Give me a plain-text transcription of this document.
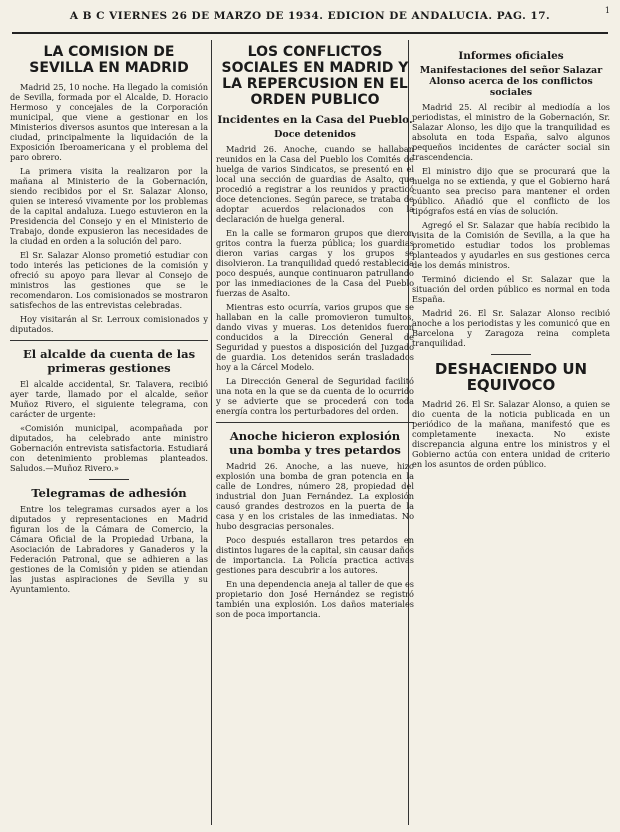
A B C VIERNES 26 DE MARZO DE 1934. EDICION DE ANDALUCIA. PAG. 17.	1
LA COMISION DE SEVILLA EN MADRID

Madrid 25, 10 noche. Ha llegado la comisión de Sevilla, formada por el Alcalde, D. Horacio Hermoso y concejales de la Corporación municipal, que viene a gestionar en los Ministerios diversos asuntos que interesan a la ciudad, principalmente la liquidación de la Exposición Iberoamericana y el problema del paro obrero.

La primera visita la realizaron por la mañana al Ministerio de la Gobernación, siendo recibidos por el Sr. Salazar Alonso, quien se interesó vivamente por los problemas de la capital andaluza. Luego estuvieron en la Presidencia del Consejo y en el Ministerio de Trabajo, donde expusieron las necesidades de la ciudad en orden a la solución del paro.

El Sr. Salazar Alonso prometió estudiar con todo interés las peticiones de la comisión y ofreció su apoyo para llevar al Consejo de ministros las gestiones que se le recomendaron. Los comisionados se mostraron satisfechos de las entrevistas celebradas.

Hoy visitarán al Sr. Lerroux comisionados y diputados.

El alcalde da cuenta de las primeras gestiones

El alcalde accidental, Sr. Talavera, recibió ayer tarde, llamado por el alcalde, señor Muñoz Rivero, el siguiente telegrama, con carácter de urgente:

«Comisión municipal, acompañada por diputados, ha celebrado ante ministro Gobernación entrevista satisfactoria. Estudiará con detenimiento problemas planteados. Saludos.—Muñoz Rivero.»

Telegramas de adhesión

Entre los telegramas cursados ayer a los diputados y representaciones en Madrid figuran los de la Cámara de Comercio, la Cámara Oficial de la Propiedad Urbana, la Asociación de Labradores y Ganaderos y la Federación Patronal, que se adhieren a las gestiones de la Comisión y piden se atiendan las justas aspiraciones de Sevilla y su Ayuntamiento.

LOS CONFLICTOS SOCIALES EN MADRID Y LA REPERCUSION EN EL ORDEN PUBLICO
Incidentes en la Casa del Pueblo.
Doce detenidos

Madrid 26. Anoche, cuando se hallaban reunidos en la Casa del Pueblo los Comités de huelga de varios Sindicatos, se presentó en el local una sección de guardias de Asalto, que procedió a registrar a los reunidos y practicó doce detenciones. Según parece, se trataba de adoptar acuerdos relacionados con la declaración de huelga general.

En la calle se formaron grupos que dieron gritos contra la fuerza pública; los guardias dieron varias cargas y los grupos se disolvieron. La tranquilidad quedó restablecida poco después, aunque continuaron patrullando por las inmediaciones de la Casa del Pueblo fuerzas de Asalto.

Mientras esto ocurría, varios grupos que se hallaban en la calle promovieron tumultos, dando vivas y mueras. Los detenidos fueron conducidos a la Dirección General de Seguridad y puestos a disposición del Juzgado de guardia. Los detenidos serán trasladados hoy a la Cárcel Modelo.

La Dirección General de Seguridad facilitó una nota en la que se da cuenta de lo ocurrido y se advierte que se procederá con toda energía contra los perturbadores del orden.

Anoche hicieron explosión una bomba y tres petardos

Madrid 26. Anoche, a las nueve, hizo explosión una bomba de gran potencia en la calle de Londres, número 28, propiedad del industrial don Juan Fernández. La explosión causó grandes destrozos en la puerta de la casa y en los cristales de las inmediatas. No hubo desgracias personales.

Poco después estallaron tres petardos en distintos lugares de la capital, sin causar daños de importancia. La Policía practica activas gestiones para descubrir a los autores.

En una dependencia aneja al taller de que es propietario don José Hernández se registró también una explosión. Los daños materiales son de poca importancia.

Informes oficiales
Manifestaciones del señor Salazar Alonso acerca de los conflictos sociales

Madrid 25. Al recibir al mediodía a los periodistas, el ministro de la Gobernación, Sr. Salazar Alonso, les dijo que la tranquilidad es absoluta en toda España, salvo algunos pequeños incidentes de carácter social sin trascendencia.

El ministro dijo que se procurará que la huelga no se extienda, y que el Gobierno hará cuanto sea preciso para mantener el orden público. Añadió que el conflicto de los tipógrafos está en vías de solución.

Agregó el Sr. Salazar que había recibido la visita de la Comisión de Sevilla, a la que ha prometido estudiar todos los problemas planteados y ayudarles en sus gestiones cerca de los demás ministros.

Terminó diciendo el Sr. Salazar que la situación del orden público es normal en toda España.

Madrid 26. El Sr. Salazar Alonso recibió anoche a los periodistas y les comunicó que en Barcelona y Zaragoza reina completa tranquilidad.

DESHACIENDO UN EQUIVOCO

Madrid 26. El Sr. Salazar Alonso, a quien se dio cuenta de la noticia publicada en un periódico de la mañana, manifestó que es completamente inexacta. No existe discrepancia alguna entre los ministros y el Gobierno actúa con entera unidad de criterio en los asuntos de orden público.
